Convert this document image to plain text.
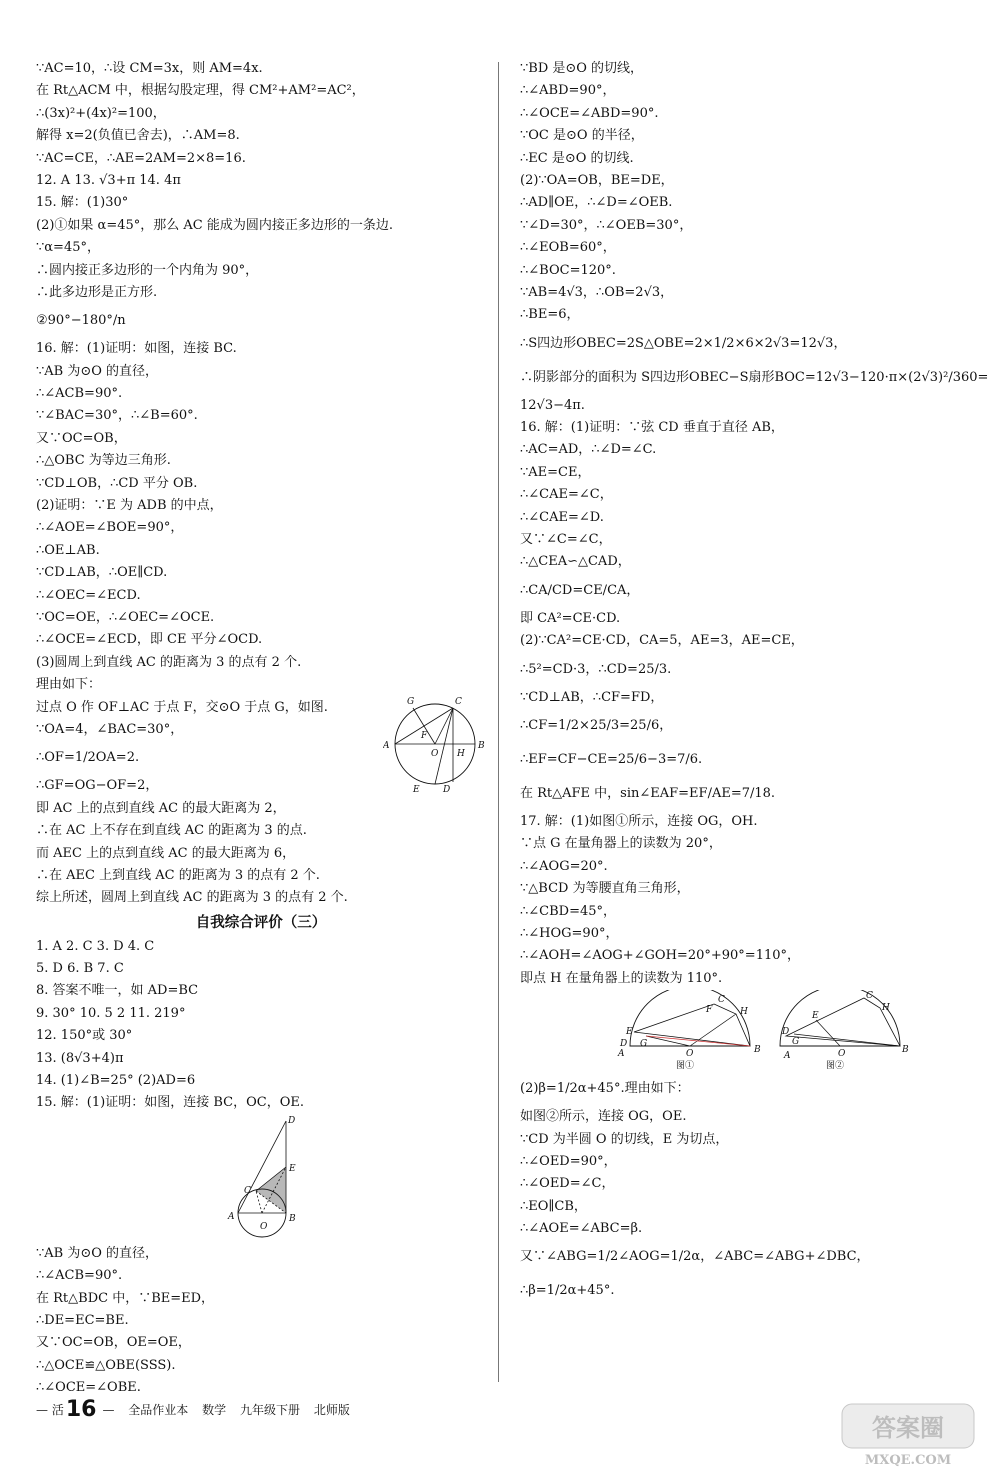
∵AC=10，∴设 CM=3x，则 AM=4x.
在 Rt△ACM 中，根据勾股定理，得 CM²+AM²=AC²，
∴(3x)²+(4x)²=100，
解得 x=2(负值已舍去)，∴AM=8.
∵AC=CE，∴AE=2AM=2×8=16.
12. A 13. √3+π 14. 4π
15. 解：(1)30°
(2)①如果 α=45°，那么 AC 能成为圆内接正多边形的一条边.
∵α=45°，
∴圆内接正多边形的一个内角为 90°，
∴此多边形是正方形.
②90°−180°/n
16. 解：(1)证明：如图，连接 BC.
∵AB 为⊙O 的直径，
∴∠ACB=90°.
∵∠BAC=30°，∴∠B=60°.
又∵OC=OB，
∴△OBC 为等边三角形.
∵CD⊥OB，∴CD 平分 OB.
(2)证明：∵E 为 ADB 的中点，
∴∠AOE=∠BOE=90°，
∴OE⊥AB.
∵CD⊥AB，∴OE∥CD.
∴∠OEC=∠ECD.
∵OC=OE，∴∠OEC=∠OCE.
∴∠OCE=∠ECD，即 CE 平分∠OCD.
(3)圆周上到直线 AC 的距离为 3 的点有 2 个.
理由如下：
过点 O 作 OF⊥AC 于点 F，交⊙O 于点 G，如图.
∵OA=4，∠BAC=30°，
∴OF=1/2OA=2.
∴GF=OG−OF=2，
即 AC 上的点到直线 AC 的最大距离为 2，
∴在 AC 上不存在到直线 AC 的距离为 3 的点.
而 AEC 上的点到直线 AC 的最大距离为 6，
∴在 AEC 上到直线 AC 的距离为 3 的点有 2 个.
综上所述，圆周上到直线 AC 的距离为 3 的点有 2 个.
自我综合评价（三）
1. A 2. C 3. D 4. C
5. D 6. B 7. C
8. 答案不唯一，如 AD=BC
9. 30° 10. 5 2 11. 219°
12. 150°或 30°
13. (8√3+4)π
14. (1)∠B=25° (2)AD=6
15. 解：(1)证明：如图，连接 BC，OC，OE.
D
C
E
A
O
B
∵AB 为⊙O 的直径，
∴∠ACB=90°.
在 Rt△BDC 中，∵BE=ED，
∴DE=EC=BE.
又∵OC=OB，OE=OE，
∴△OCE≌△OBE(SSS).
∴∠OCE=∠OBE.
∵BD 是⊙O 的切线，
∴∠ABD=90°，
∴∠OCE=∠ABD=90°.
∵OC 是⊙O 的半径，
∴EC 是⊙O 的切线.
(2)∵OA=OB，BE=DE，
∴AD∥OE，∴∠D=∠OEB.
∵∠D=30°，∴∠OEB=30°，
∴∠EOB=60°，
∴∠BOC=120°.
∵AB=4√3，∴OB=2√3，
∴BE=6，
∴S四边形OBEC=2S△OBE=2×1/2×6×2√3=12√3，
∴阴影部分的面积为 S四边形OBEC−S扇形BOC=12√3−120·π×(2√3)²/360=
12√3−4π.
16. 解：(1)证明：∵弦 CD 垂直于直径 AB，
∴AC=AD，∴∠D=∠C.
∵AE=CE，
∴∠CAE=∠C，
∴∠CAE=∠D.
又∵∠C=∠C，
∴△CEA∽△CAD，
∴CA/CD=CE/CA，
即 CA²=CE·CD.
(2)∵CA²=CE·CD，CA=5，AE=3，AE=CE，
∴5²=CD·3，∴CD=25/3.
∵CD⊥AB，∴CF=FD，
∴CF=1/2×25/3=25/6，
∴EF=CF−CE=25/6−3=7/6.
在 Rt△AFE 中，sin∠EAF=EF/AE=7/18.
17. 解：(1)如图①所示，连接 OG，OH.
∵点 G 在量角器上的读数为 20°，
∴∠AOG=20°.
∵△BCD 为等腰直角三角形，
∴∠CBD=45°，
∴∠HOG=90°，
∴∠AOH=∠AOG+∠GOH=20°+90°=110°，
即点 H 在量角器上的读数为 110°.
C
F	H
E
D
A
G
O	B
图①
C
H
E
D
G
A	O	B
图②
(2)β=1/2α+45°.理由如下：
如图②所示，连接 OG，OE.
∵CD 为半圆 O 的切线，E 为切点，
∴∠OED=90°，
∴∠OED=∠C，
∴EO∥CB，
∴∠AOE=∠ABC=β.
又∵∠ABG=1/2∠AOG=1/2α，∠ABC=∠ABG+∠DBC，
∴β=1/2α+45°.
G	C
A
F
O H
B
D
E
— 活16 — 全品作业本 数学 九年级下册 北师版
答案圈
MXQE.COM
